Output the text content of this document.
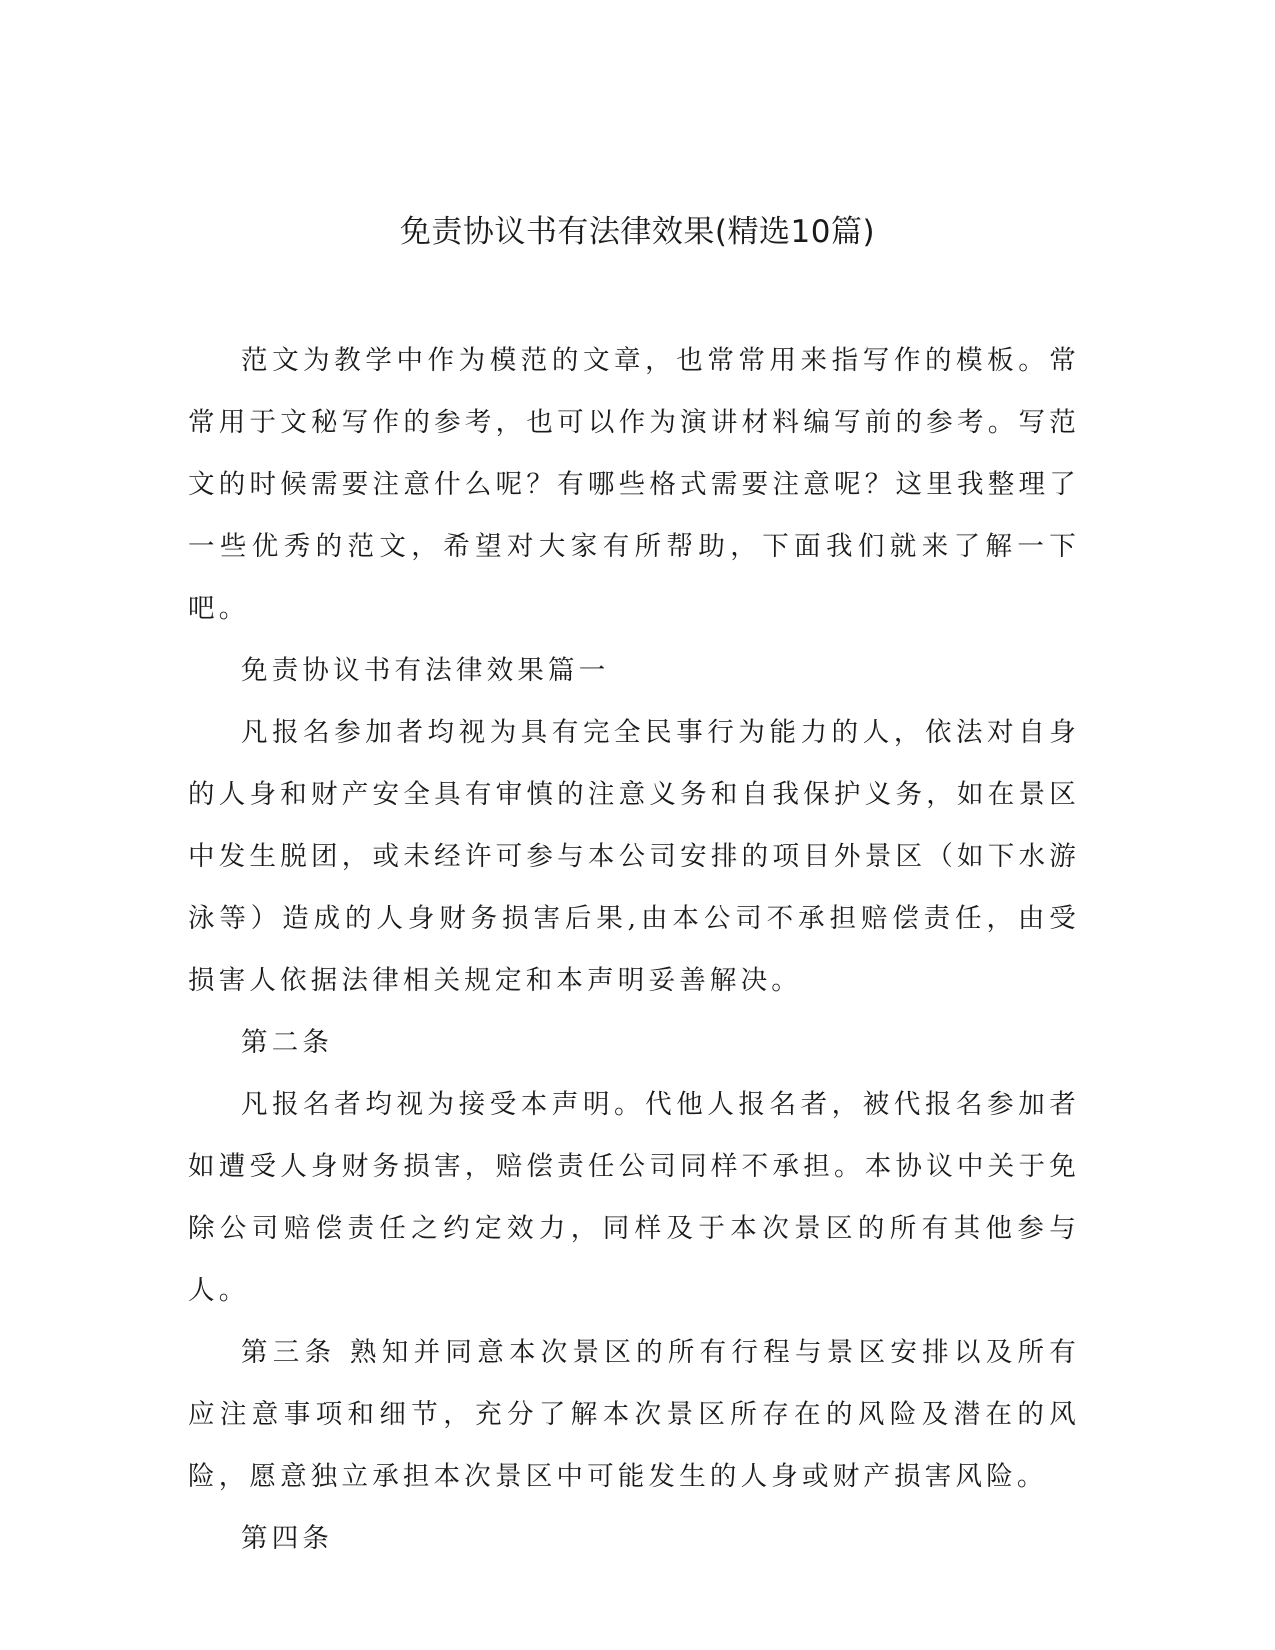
免责协议书有法律效果(精选10篇)

范文为教学中作为模范的文章，也常常用来指写作的模板。常常用于文秘写作的参考，也可以作为演讲材料编写前的参考。写范文的时候需要注意什么呢？有哪些格式需要注意呢？这里我整理了一些优秀的范文，希望对大家有所帮助，下面我们就来了解一下吧。

免责协议书有法律效果篇一

凡报名参加者均视为具有完全民事行为能力的人，依法对自身的人身和财产安全具有审慎的注意义务和自我保护义务，如在景区中发生脱团，或未经许可参与本公司安排的项目外景区（如下水游泳等）造成的人身财务损害后果,由本公司不承担赔偿责任，由受损害人依据法律相关规定和本声明妥善解决。

第二条

凡报名者均视为接受本声明。代他人报名者，被代报名参加者如遭受人身财务损害，赔偿责任公司同样不承担。本协议中关于免除公司赔偿责任之约定效力，同样及于本次景区的所有其他参与人。

第三条 熟知并同意本次景区的所有行程与景区安排以及所有应注意事项和细节，充分了解本次景区所存在的风险及潜在的风险，愿意独立承担本次景区中可能发生的人身或财产损害风险。

第四条
